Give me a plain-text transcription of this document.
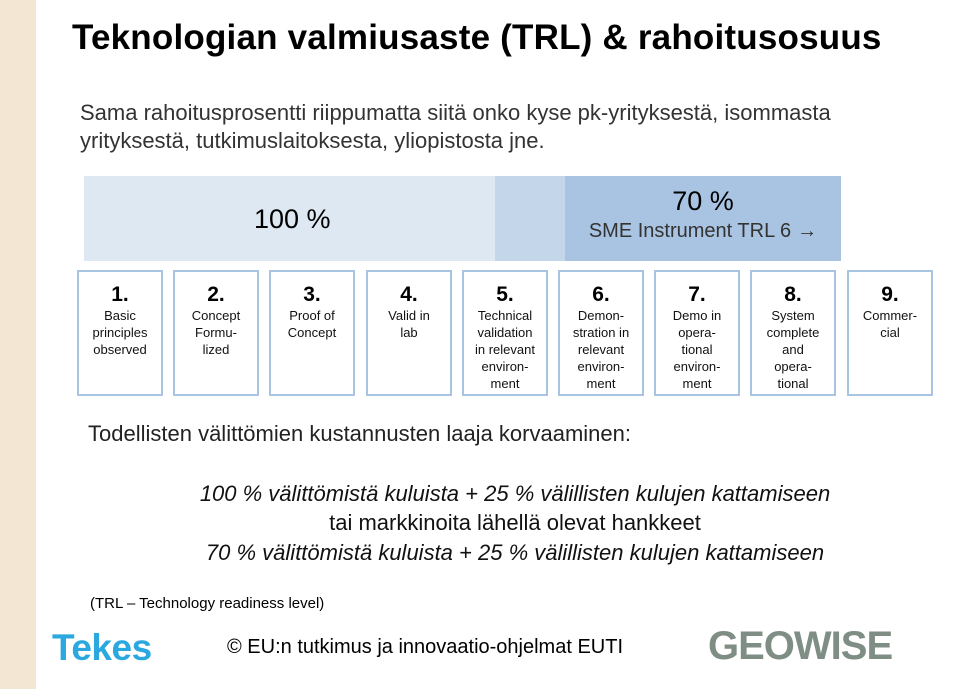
Teknologian valmiusaste (TRL) & rahoitusosuus
Sama rahoitusprosentti riippumatta siitä onko kyse pk-yrityksestä, isommasta yrityksestä, tutkimuslaitoksesta, yliopistosta jne.
100 %
70 %
SME Instrument TRL 6 →
1.
Basic
principles
observed
2.
Concept
Formu-
lized
3.
Proof of
Concept
4.
Valid in
lab
5.
Technical
validation
in relevant
environ-
ment
6.
Demon-
stration in
relevant
environ-
ment
7.
Demo in
opera-
tional
environ-
ment
8.
System
complete
and
opera-
tional
9.
Commer-
cial
Todellisten välittömien kustannusten laaja korvaaminen:
100 % välittömistä kuluista + 25 % välillisten kulujen kattamiseen
tai markkinoita lähellä olevat hankkeet
70 % välittömistä kuluista + 25 % välillisten kulujen kattamiseen
(TRL – Technology readiness level)
Tekes	© EU:n tutkimus ja innovaatio-ohjelmat EUTI GEOWISE
